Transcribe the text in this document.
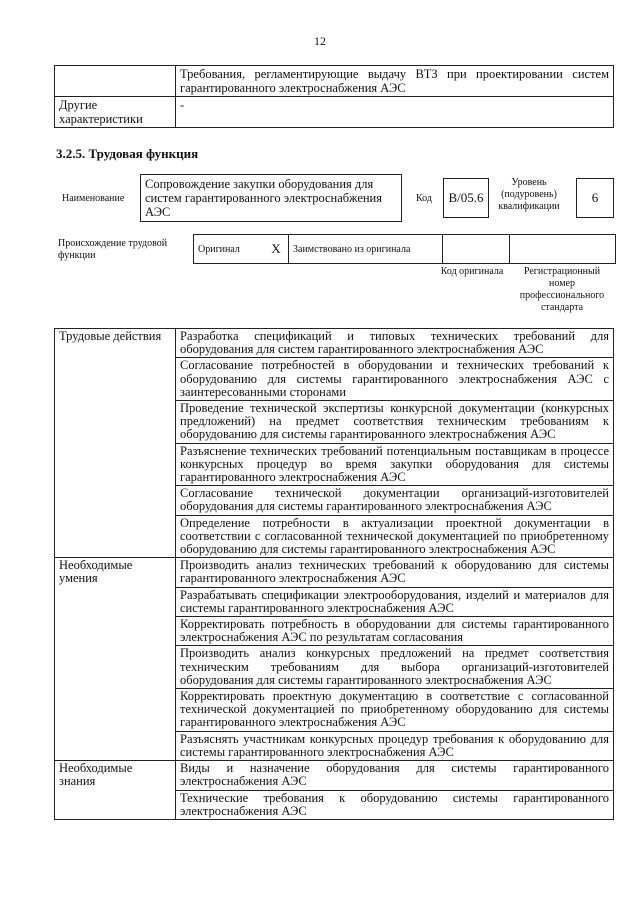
12
	Требования, регламентирующие выдачу ВТЗ при проектировании систем гарантированного электроснабжения АЭС
Другие характеристики	-
3.2.5. Трудовая функция
Наименование
Сопровождение закупки оборудования для систем гарантированного электроснабжения АЭС
Код	B/05.6
Уровень (подуровень) квалификации
6
Происхождение трудовой функции
Оригинал	X	Заимствовано из оригинала		
Код оригинала	Регистрационный номер профессионального стандарта
Трудовые действия	Разработка спецификаций и типовых технических требований для оборудования для систем гарантированного электроснабжения АЭС
	Согласование потребностей в оборудовании и технических требований к оборудованию для системы гарантированного электроснабжения АЭС с заинтересованными сторонами
	Проведение технической экспертизы конкурсной документации (конкурсных предложений) на предмет соответствия техническим требованиям к оборудованию для системы гарантированного электроснабжения АЭС
	Разъяснение технических требований потенциальным поставщикам в процессе конкурсных процедур во время закупки оборудования для системы гарантированного электроснабжения АЭС
	Согласование технической документации организаций-изготовителей оборудования для системы гарантированного электроснабжения АЭС
	Определение потребности в актуализации проектной документации в соответствии с согласованной технической документацией по приобретенному оборудованию для системы гарантированного электроснабжения АЭС
Необходимые умения	Производить анализ технических требований к оборудованию для системы гарантированного электроснабжения АЭС
	Разрабатывать спецификации электрооборудования, изделий и материалов для системы гарантированного электроснабжения АЭС
	Корректировать потребность в оборудовании для системы гарантированного электроснабжения АЭС по результатам согласования
	Производить анализ конкурсных предложений на предмет соответствия техническим требованиям для выбора организаций-изготовителей оборудования для системы гарантированного электроснабжения АЭС
	Корректировать проектную документацию в соответствие с согласованной технической документацией по приобретенному оборудованию для системы гарантированного электроснабжения АЭС
	Разъяснять участникам конкурсных процедур требования к оборудованию для системы гарантированного электроснабжения АЭС
Необходимые знания	Виды и назначение оборудования для системы гарантированного электроснабжения АЭС
	Технические требования к оборудованию системы гарантированного электроснабжения АЭС
